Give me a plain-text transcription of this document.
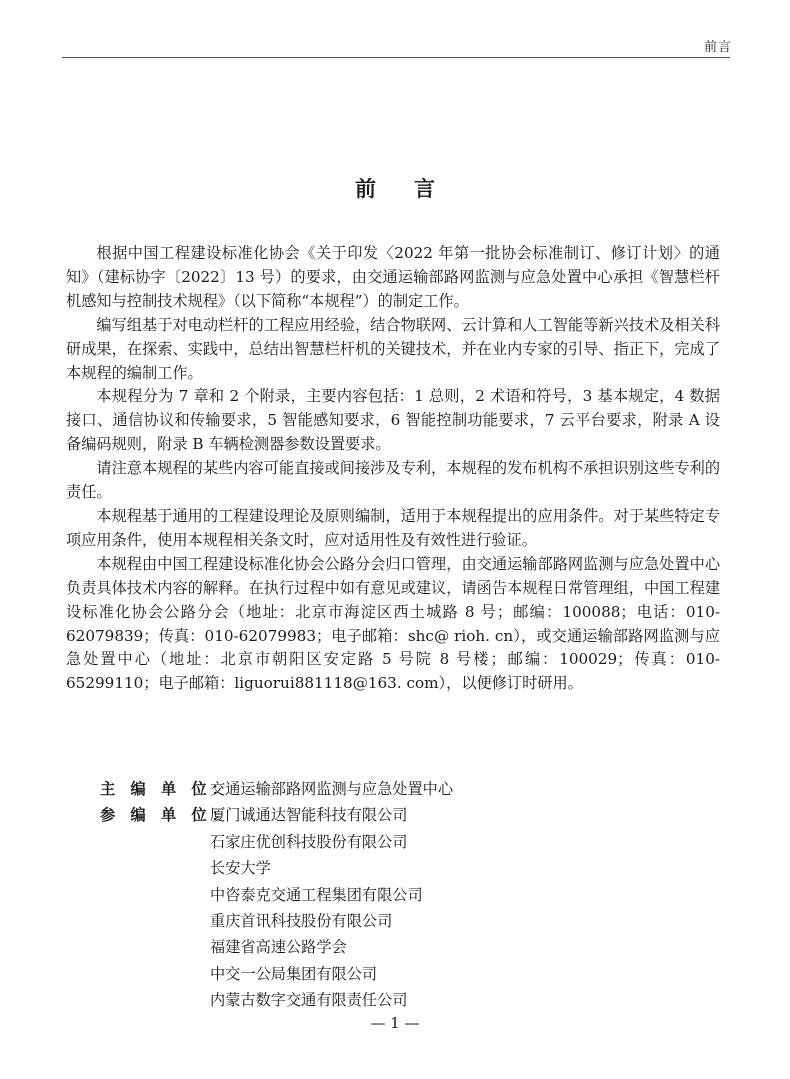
前言
前言

根据中国工程建设标准化协会《关于印发〈2022 年第一批协会标准制订、修订计划〉的通知》（建标协字〔2022〕13 号）的要求，由交通运输部路网监测与应急处置中心承担《智慧栏杆机感知与控制技术规程》（以下简称“本规程”）的制定工作。

编写组基于对电动栏杆的工程应用经验，结合物联网、云计算和人工智能等新兴技术及相关科研成果，在探索、实践中，总结出智慧栏杆机的关键技术，并在业内专家的引导、指正下，完成了本规程的编制工作。

本规程分为 7 章和 2 个附录，主要内容包括：1 总则，2 术语和符号，3 基本规定，4 数据接口、通信协议和传输要求，5 智能感知要求，6 智能控制功能要求，7 云平台要求，附录 A 设备编码规则，附录 B 车辆检测器参数设置要求。

请注意本规程的某些内容可能直接或间接涉及专利，本规程的发布机构不承担识别这些专利的责任。

本规程基于通用的工程建设理论及原则编制，适用于本规程提出的应用条件。对于某些特定专项应用条件，使用本规程相关条文时，应对适用性及有效性进行验证。

本规程由中国工程建设标准化协会公路分会归口管理，由交通运输部路网监测与应急处置中心负责具体技术内容的解释。在执行过程中如有意见或建议，请函告本规程日常管理组，中国工程建设标准化协会公路分会（地址：北京市海淀区西土城路 8 号；邮编：100088；电话：010-62079839；传真：010-62079983；电子邮箱：shc@ rioh. cn），或交通运输部路网监测与应急处置中心（地址：北京市朝阳区安定路 5 号院 8 号楼；邮编：100029；传真：010-65299110；电子邮箱：liguorui881118@163. com），以便修订时研用。

主 编 单 位：
交通运输部路网监测与应急处置中心
参 编 单 位：
厦门诚通达智能科技有限公司
石家庄优创科技股份有限公司
长安大学
中咨泰克交通工程集团有限公司
重庆首讯科技股份有限公司
福建省高速公路学会
中交一公局集团有限公司
内蒙古数字交通有限责任公司
— 1 —
